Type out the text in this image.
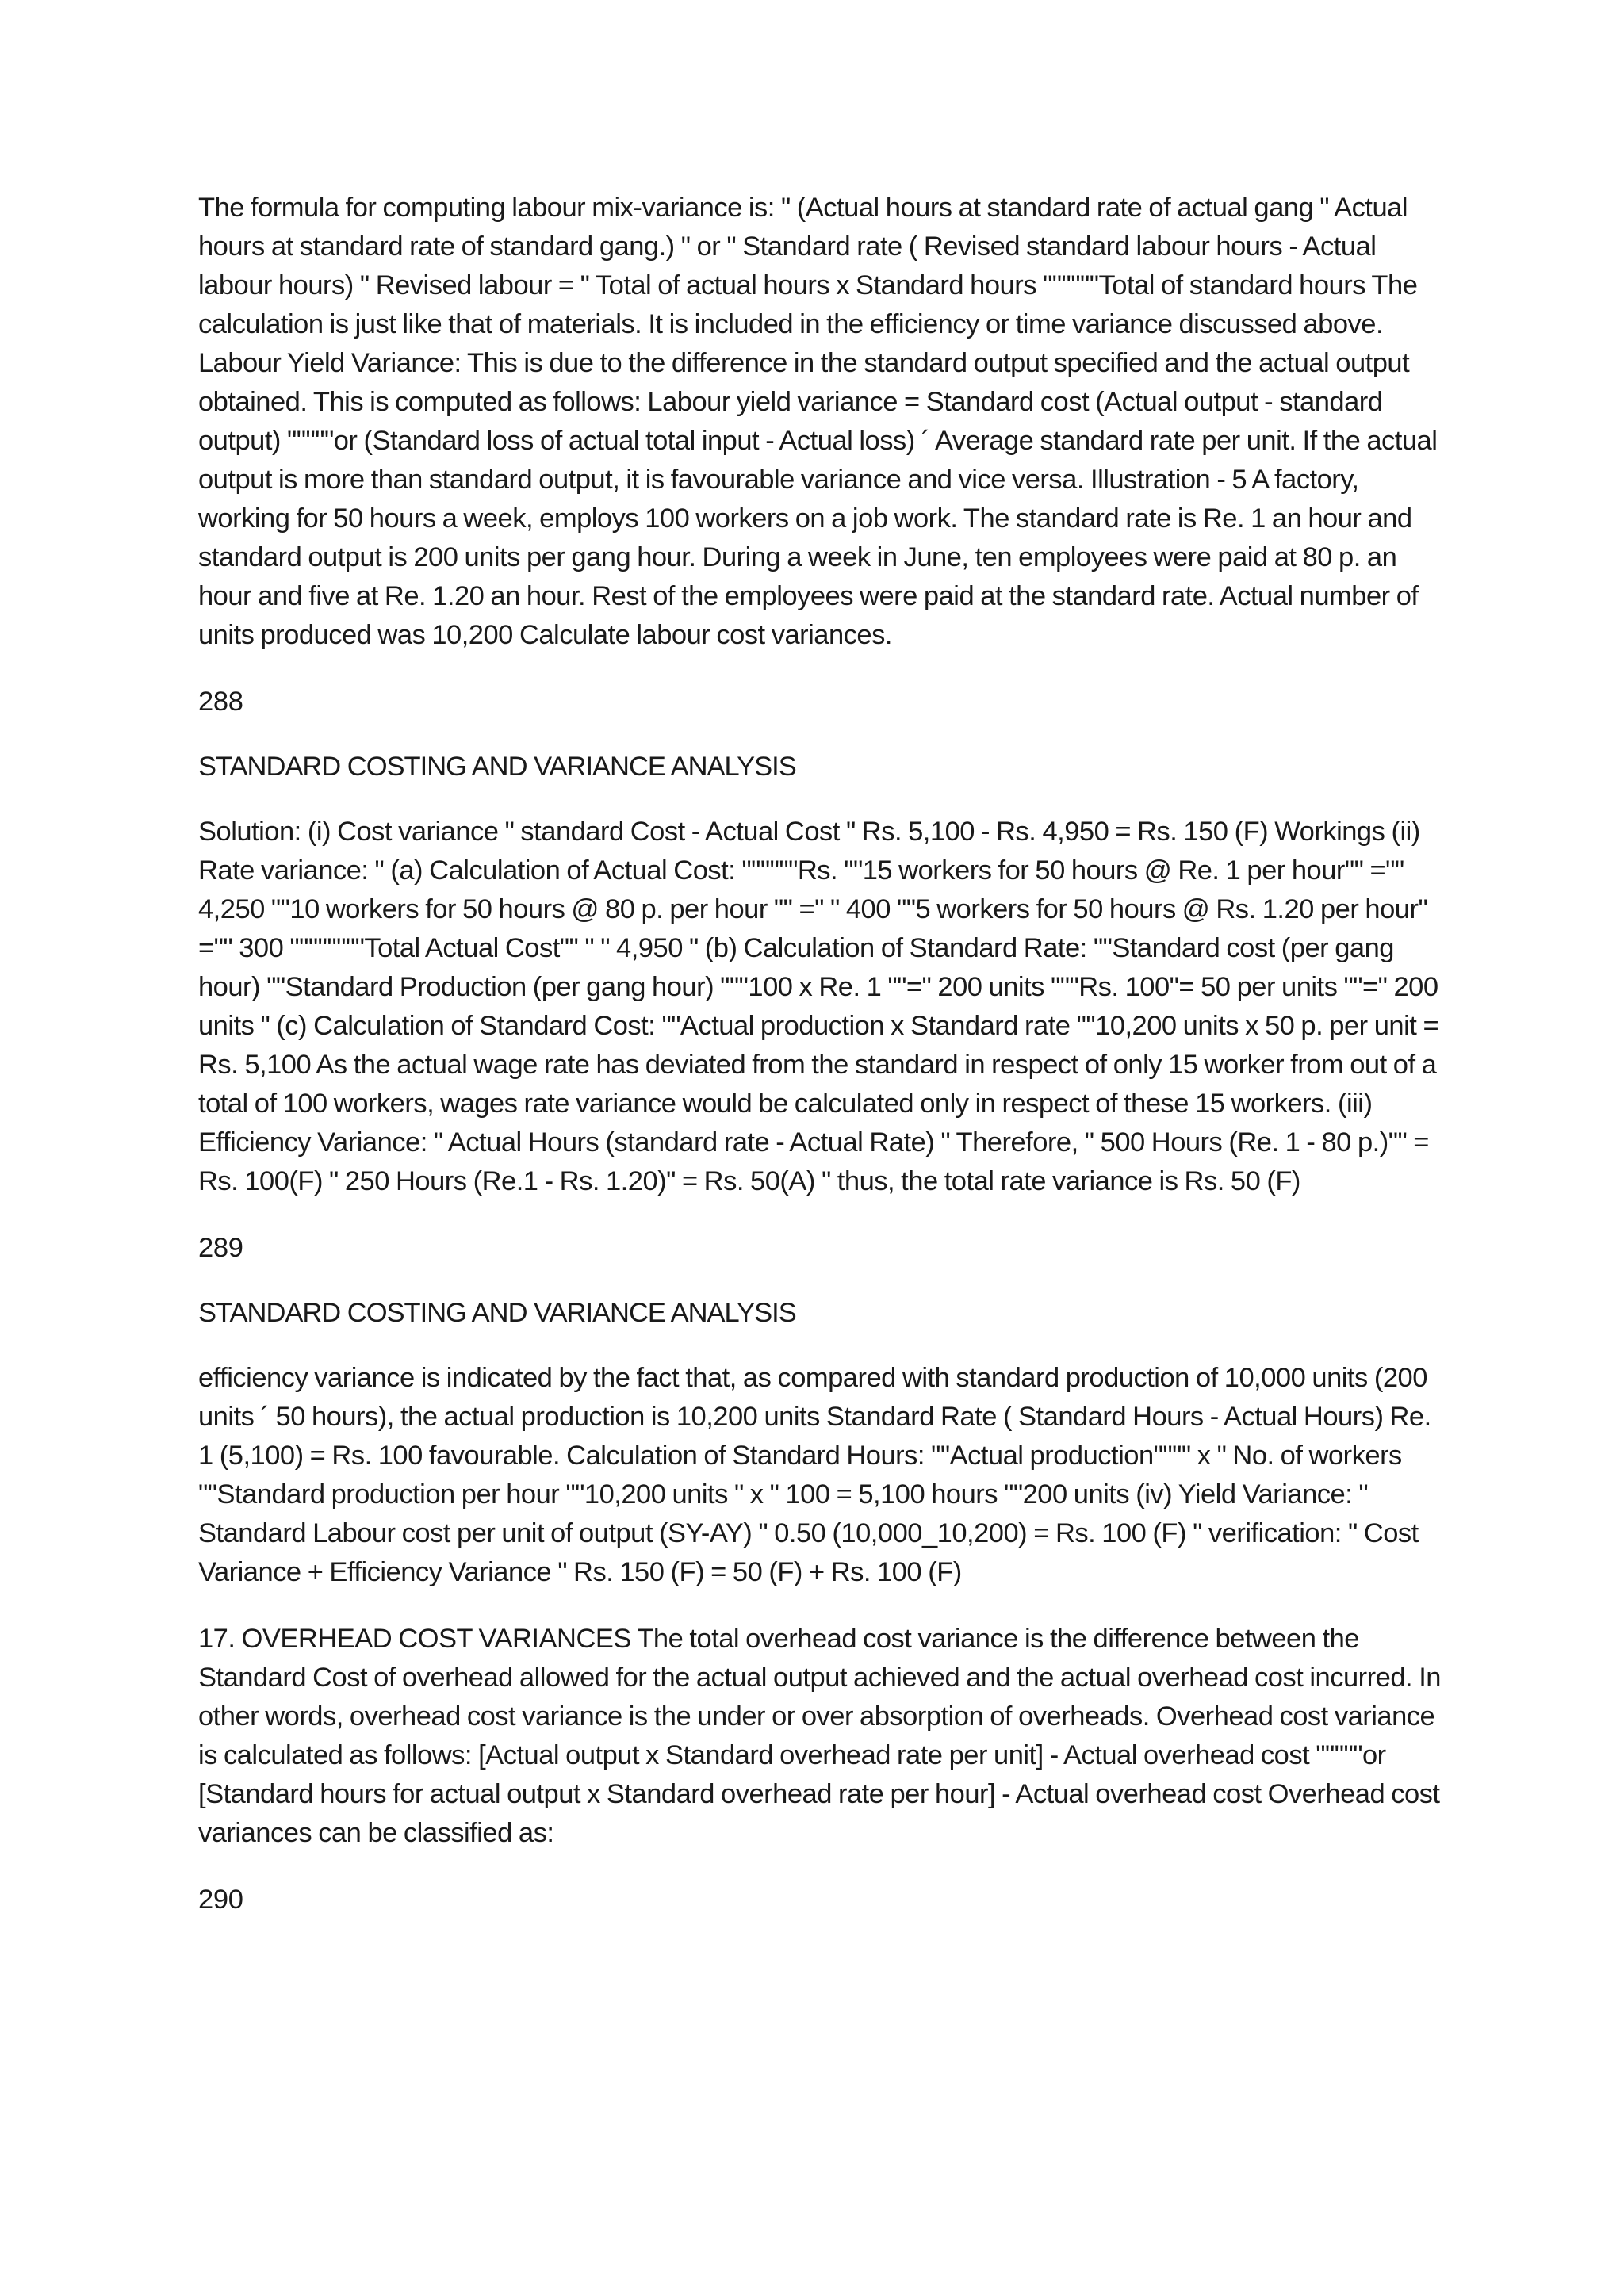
The formula for computing labour mix-variance is: " (Actual hours at standard rate of actual gang " Actual hours at standard rate of standard gang.) " or " Standard rate ( Revised standard labour hours - Actual labour hours) " Revised labour = " Total of actual hours x Standard hours """"""Total of standard hours The calculation is just like that of materials. It is included in the efficiency or time variance discussed above. Labour Yield Variance: This is due to the difference in the standard output specified and the actual output obtained. This is computed as follows: Labour yield variance = Standard cost (Actual output - standard output) """""or (Standard loss of actual total input - Actual loss) ´ Average standard rate per unit. If the actual output is more than standard output, it is favourable variance and vice versa. Illustration - 5 A factory, working for 50 hours a week, employs 100 workers on a job work. The standard rate is Re. 1 an hour and standard output is 200 units per gang hour. During a week in June, ten employees were paid at 80 p. an hour and five at Re. 1.20 an hour. Rest of the employees were paid at the standard rate. Actual number of units produced was 10,200 Calculate labour cost variances.

288

STANDARD COSTING AND VARIANCE ANALYSIS

Solution: (i) Cost variance " standard Cost - Actual Cost " Rs. 5,100 - Rs. 4,950 = Rs. 150 (F) Workings (ii) Rate variance: " (a) Calculation of Actual Cost: """"""Rs. ""15 workers for 50 hours @ Re. 1 per hour"" ="" 4,250 ""10 workers for 50 hours @ 80 p. per hour "" =" " 400 ""5 workers for 50 hours @ Rs. 1.20 per hour" ="" 300 """"""""Total Actual Cost"" " " 4,950 " (b) Calculation of Standard Rate: ""Standard cost (per gang hour) ""Standard Production (per gang hour) """100 x Re. 1 ""=" 200 units """Rs. 100"= 50 per units ""=" 200 units " (c) Calculation of Standard Cost: ""Actual production x Standard rate ""10,200 units x 50 p. per unit = Rs. 5,100 As the actual wage rate has deviated from the standard in respect of only 15 worker from out of a total of 100 workers, wages rate variance would be calculated only in respect of these 15 workers. (iii) Efficiency Variance: " Actual Hours (standard rate - Actual Rate) " Therefore, " 500 Hours (Re. 1 - 80 p.)"" = Rs. 100(F) " 250 Hours (Re.1 - Rs. 1.20)" = Rs. 50(A) " thus, the total rate variance is Rs. 50 (F)

289

STANDARD COSTING AND VARIANCE ANALYSIS

efficiency variance is indicated by the fact that, as compared with standard production of 10,000 units (200 units ´ 50 hours), the actual production is 10,200 units Standard Rate ( Standard Hours - Actual Hours) Re. 1 (5,100) = Rs. 100 favourable. Calculation of Standard Hours: ""Actual production"""" x " No. of workers ""Standard production per hour ""10,200 units " x " 100 = 5,100 hours ""200 units (iv) Yield Variance: " Standard Labour cost per unit of output (SY-AY) " 0.50 (10,000_10,200) = Rs. 100 (F) " verification: " Cost Variance + Efficiency Variance " Rs. 150 (F) = 50 (F) + Rs. 100 (F)

17. OVERHEAD COST VARIANCES The total overhead cost variance is the difference between the Standard Cost of overhead allowed for the actual output achieved and the actual overhead cost incurred. In other words, overhead cost variance is the under or over absorption of overheads. Overhead cost variance is calculated as follows: [Actual output x Standard overhead rate per unit] - Actual overhead cost """""or [Standard hours for actual output x Standard overhead rate per hour] - Actual overhead cost Overhead cost variances can be classified as:

290
